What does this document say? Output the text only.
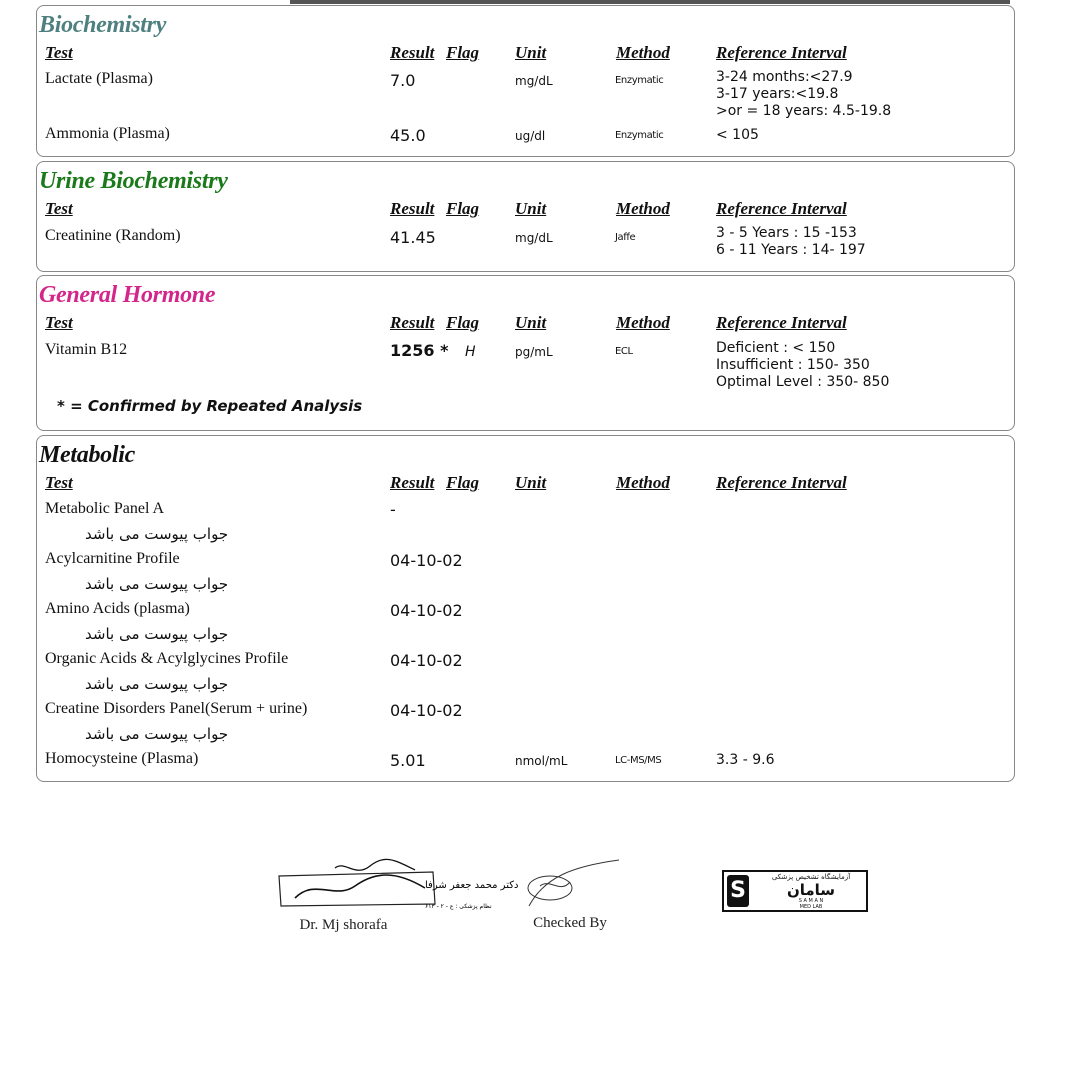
Biochemistry
Test	Result Flag Unit	Method	Reference Interval
Lactate (Plasma)	7.0	mg/dL	Enzymatic	3-24 months:<27.9
3-17 years:<19.8
>or = 18 years: 4.5-19.8
Ammonia (Plasma)	45.0	ug/dl	Enzymatic	< 105
Urine Biochemistry
Test	Result Flag Unit	Method	Reference Interval
Creatinine (Random)	41.45	mg/dL	Jaffe	3 - 5 Years : 15 -153
6 - 11 Years : 14- 197
General Hormone
Test	Result Flag Unit	Method	Reference Interval
Vitamin B12	1256 * H	pg/mL	ECL	Deficient : < 150
Insufficient : 150- 350
Optimal Level : 350- 850
* = Confirmed by Repeated Analysis
Metabolic
Test	Result Flag Unit	Method	Reference Interval
Metabolic Panel A	-
جواب پیوست می باشد
Acylcarnitine Profile	04-10-02
جواب پیوست می باشد
Amino Acids (plasma)	04-10-02
جواب پیوست می باشد
Organic Acids & Acylglycines Profile	04-10-02
جواب پیوست می باشد
Creatine Disorders Panel(Serum + urine)	04-10-02
جواب پیوست می باشد
Homocysteine (Plasma)	5.01	nmol/mL	LC-MS/MS	3.3 - 9.6
دکتر محمد جعفر شرفا
نظام پزشکی : ع - ۲ - ۶۱۳
Dr. Mj shorafa	Checked By
S
آزمایشگاه تشخیص پزشکی
سامان
S A M A N
MED LAB
